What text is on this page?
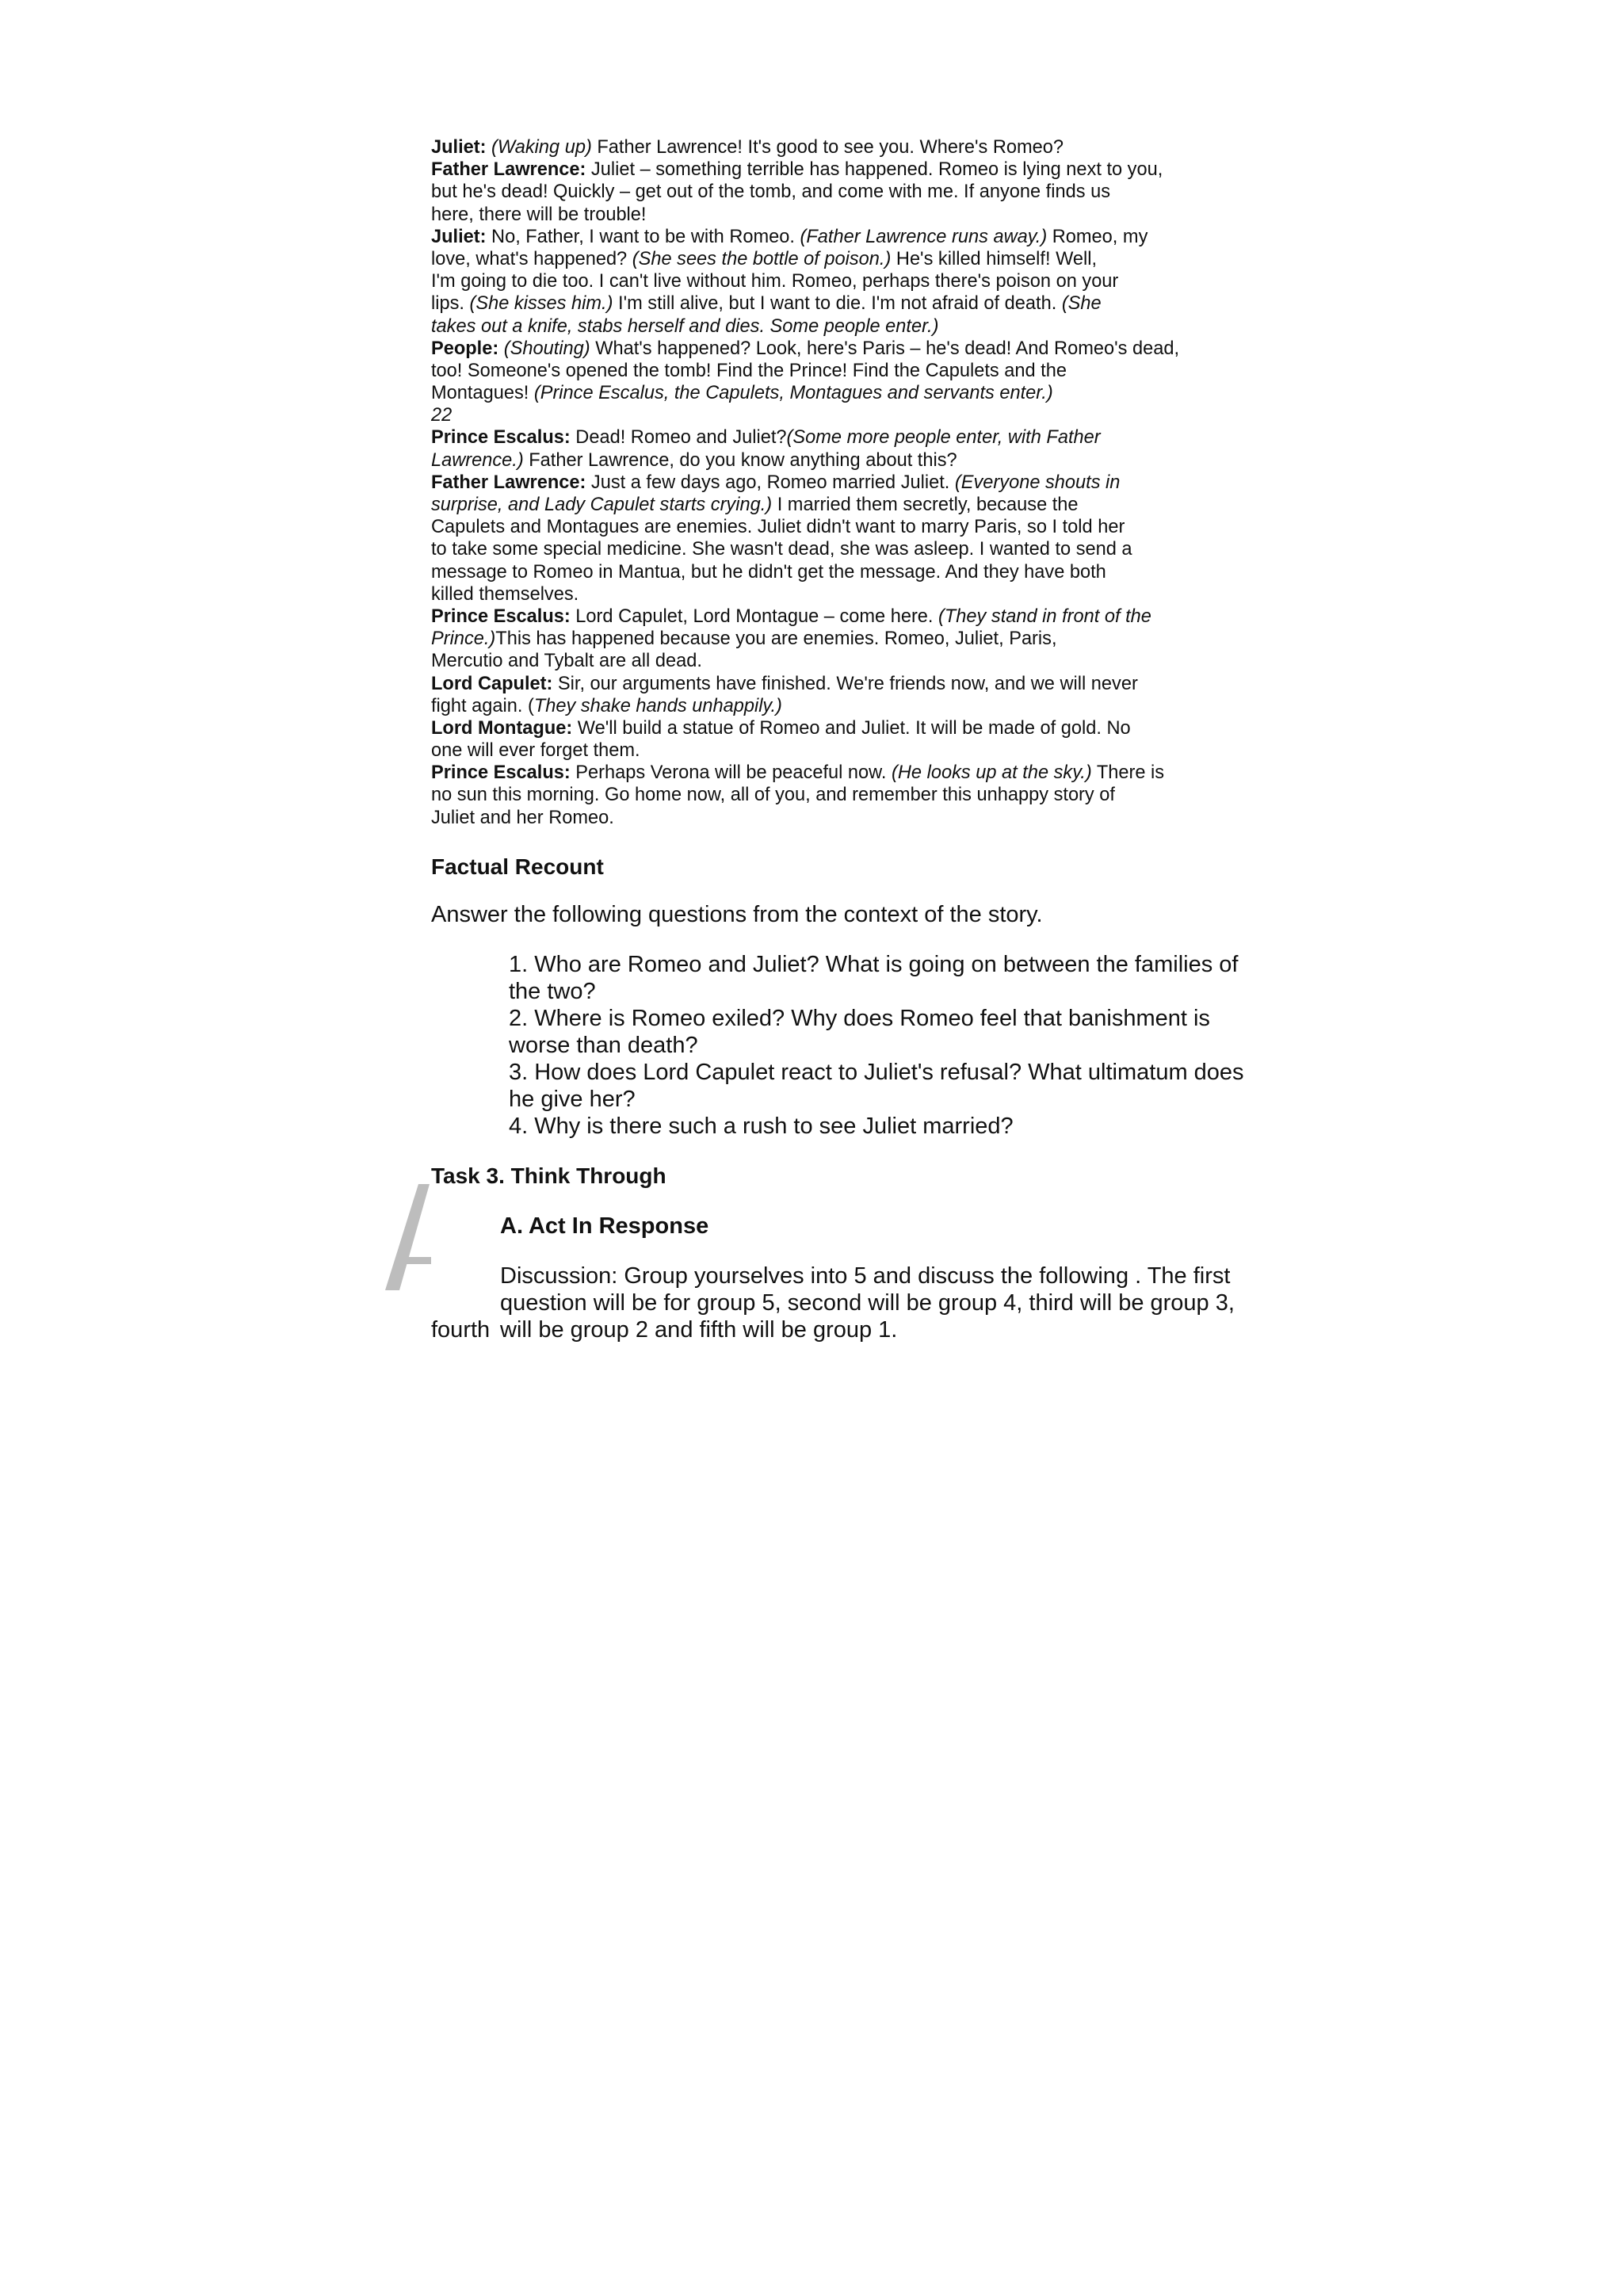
Juliet: (Waking up) Father Lawrence! It's good to see you. Where's Romeo?
Father Lawrence: Juliet – something terrible has happened. Romeo is lying next to you,
but he's dead! Quickly – get out of the tomb, and come with me. If anyone finds us
here, there will be trouble!
Juliet: No, Father, I want to be with Romeo. (Father Lawrence runs away.) Romeo, my
love, what's happened? (She sees the bottle of poison.) He's killed himself! Well,
I'm going to die too. I can't live without him. Romeo, perhaps there's poison on your
lips. (She kisses him.) I'm still alive, but I want to die. I'm not afraid of death. (She
takes out a knife, stabs herself and dies. Some people enter.)
People: (Shouting) What's happened? Look, here's Paris – he's dead! And Romeo's dead,
too! Someone's opened the tomb! Find the Prince! Find the Capulets and the
Montagues! (Prince Escalus, the Capulets, Montagues and servants enter.)
22
Prince Escalus: Dead! Romeo and Juliet?(Some more people enter, with Father
Lawrence.) Father Lawrence, do you know anything about this?
Father Lawrence: Just a few days ago, Romeo married Juliet. (Everyone shouts in
surprise, and Lady Capulet starts crying.) I married them secretly, because the
Capulets and Montagues are enemies. Juliet didn't want to marry Paris, so I told her
to take some special medicine. She wasn't dead, she was asleep. I wanted to send a
message to Romeo in Mantua, but he didn't get the message. And they have both
killed themselves.
Prince Escalus: Lord Capulet, Lord Montague – come here. (They stand in front of the
Prince.)This has happened because you are enemies. Romeo, Juliet, Paris,
Mercutio and Tybalt are all dead.
Lord Capulet: Sir, our arguments have finished. We're friends now, and we will never
fight again. (They shake hands unhappily.)
Lord Montague: We'll build a statue of Romeo and Juliet. It will be made of gold. No
one will ever forget them.
Prince Escalus: Perhaps Verona will be peaceful now. (He looks up at the sky.) There is
no sun this morning. Go home now, all of you, and remember this unhappy story of
Juliet and her Romeo.
Factual Recount
Answer the following questions from the context of the story.
1. Who are Romeo and Juliet? What is going on between the families of
the two?
2. Where is Romeo exiled? Why does Romeo feel that banishment is
worse than death?
3. How does Lord Capulet react to Juliet's refusal? What ultimatum does
he give her?
4. Why is there such a rush to see Juliet married?
Task 3. Think Through
A. Act In Response
Discussion: Group yourselves into 5 and discuss the following . The first
question will be for group 5, second will be group 4, third will be group 3,
will be group 2 and fifth will be group 1.
fourth
